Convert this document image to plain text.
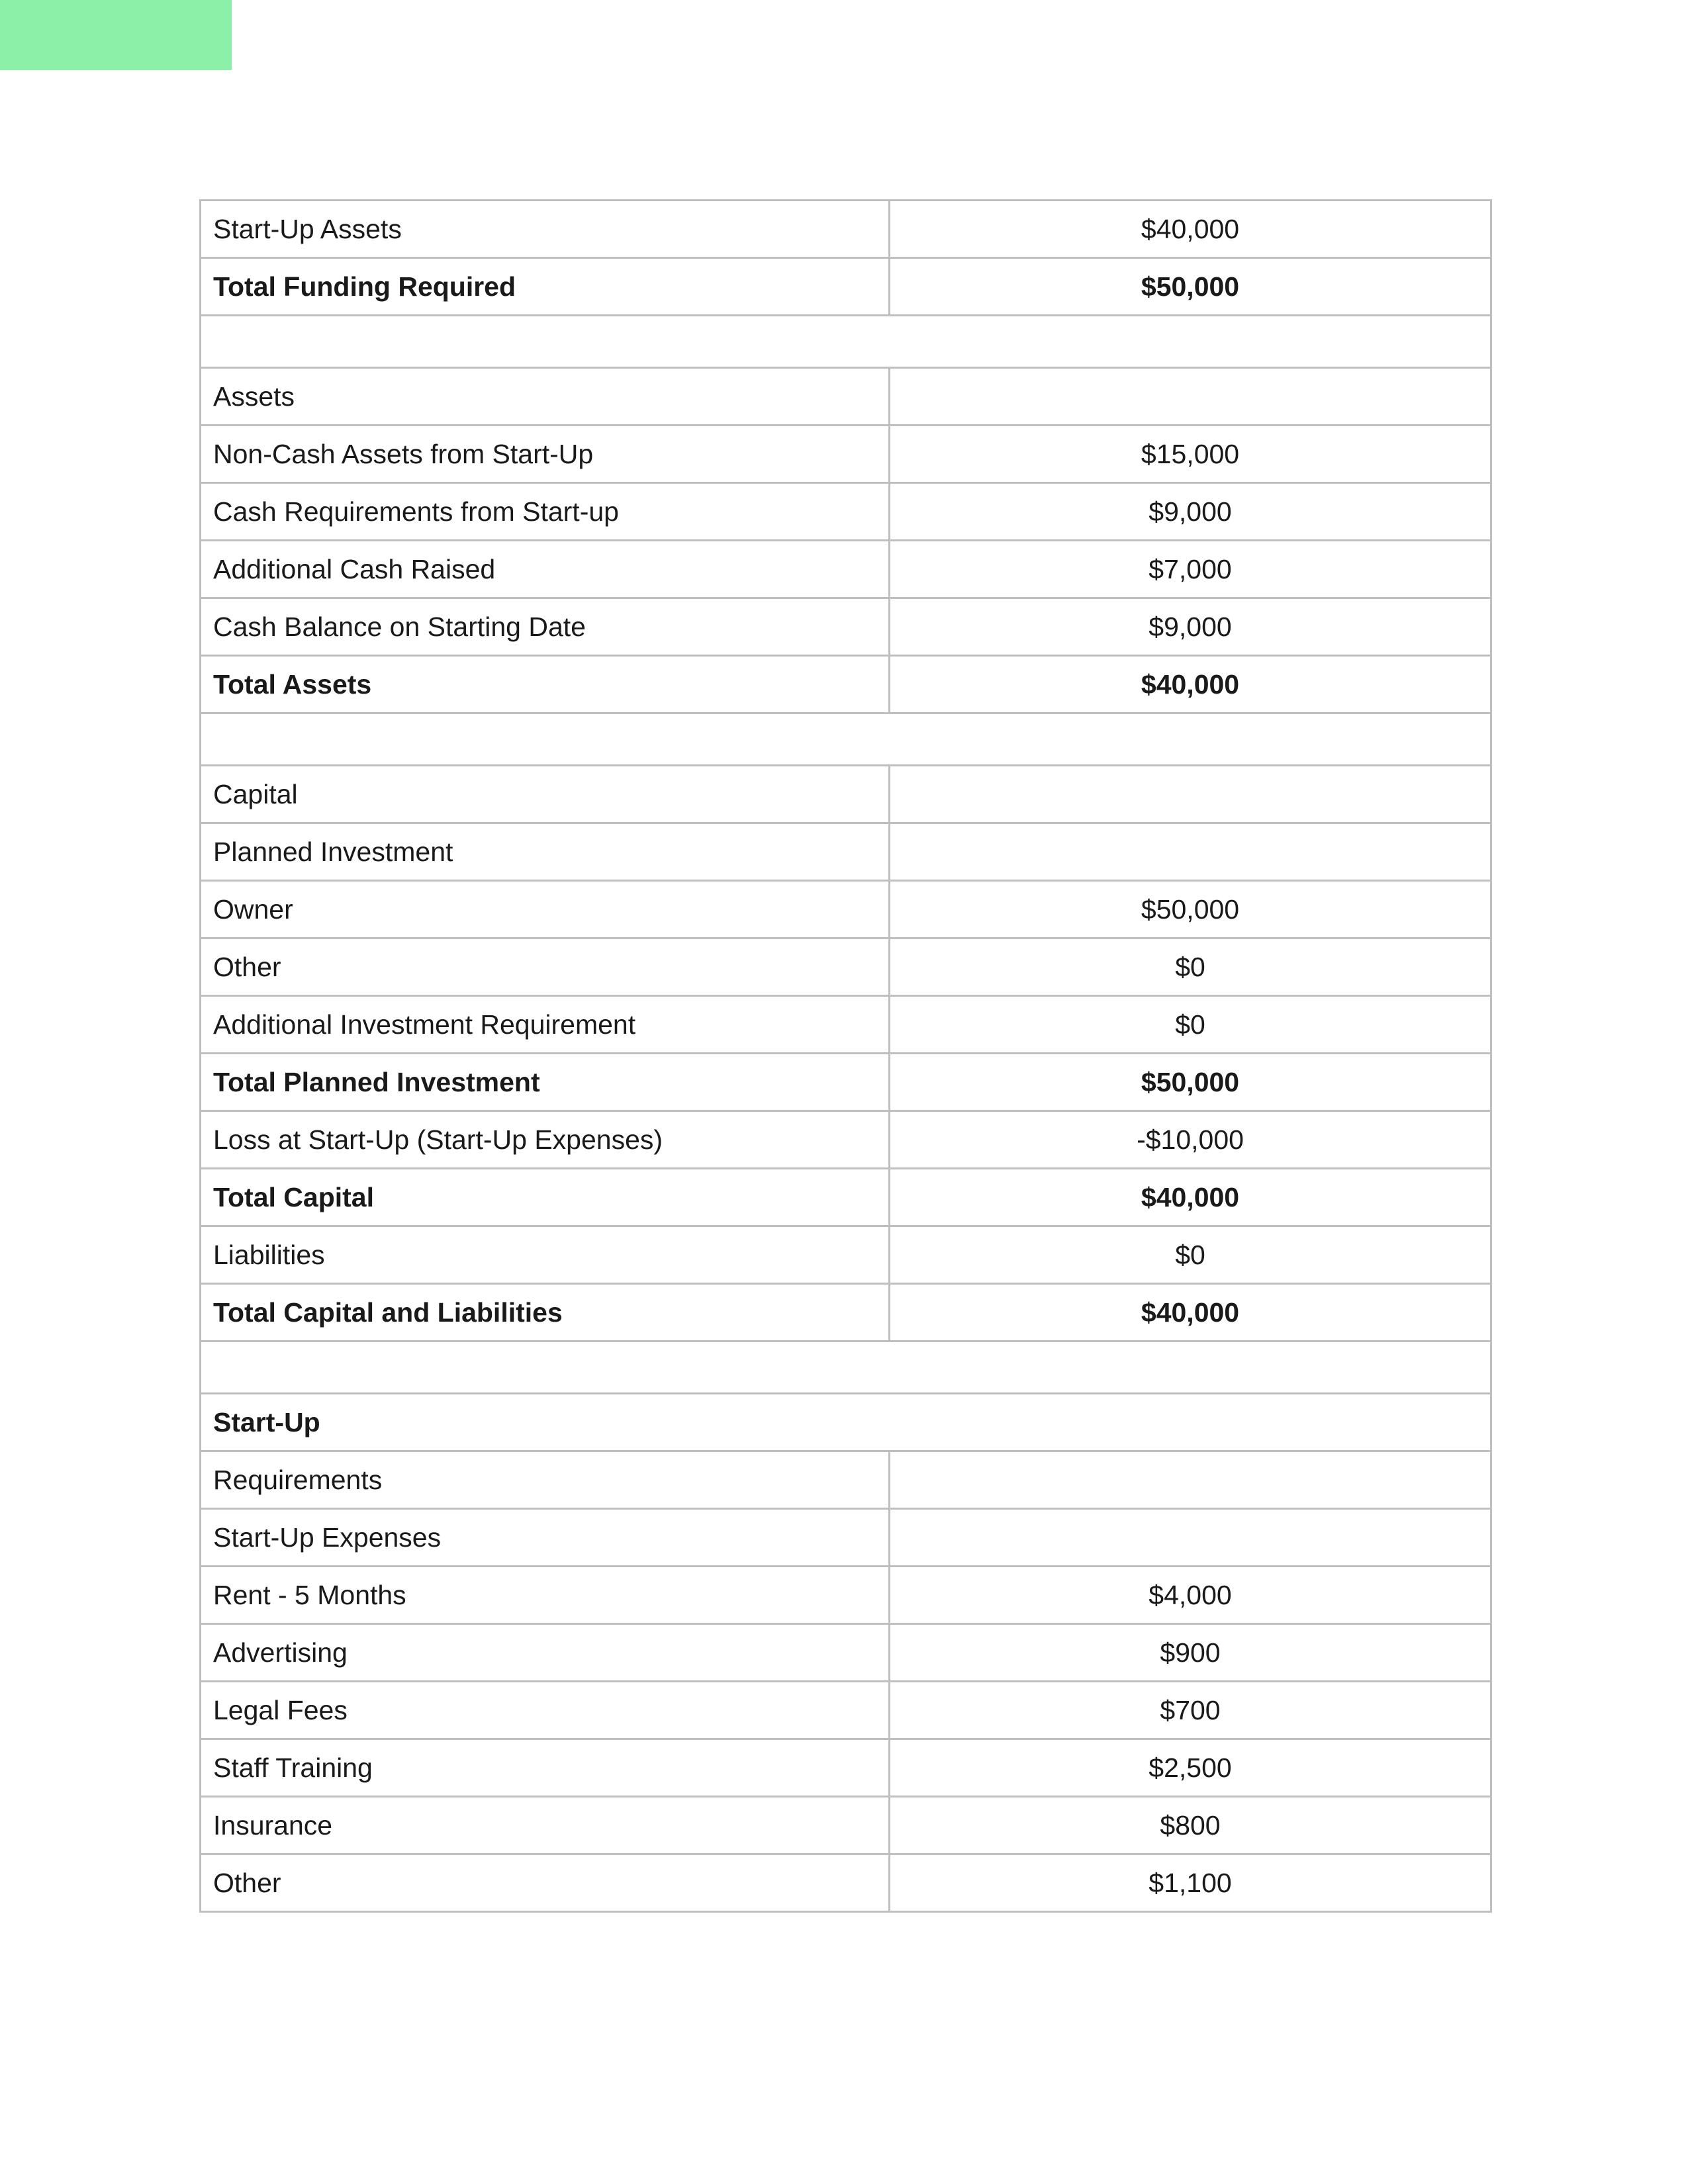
Start-Up Assets	$40,000
Total Funding Required	$50,000

Assets	
Non-Cash Assets from Start-Up	$15,000
Cash Requirements from Start-up	$9,000
Additional Cash Raised	$7,000
Cash Balance on Starting Date	$9,000
Total Assets	$40,000

Capital	
Planned Investment	
Owner	$50,000
Other	$0
Additional Investment Requirement	$0
Total Planned Investment	$50,000
Loss at Start-Up (Start-Up Expenses)	-$10,000
Total Capital	$40,000
Liabilities	$0
Total Capital and Liabilities	$40,000

Start-Up	
Requirements	
Start-Up Expenses	
Rent - 5 Months	$4,000
Advertising	$900
Legal Fees	$700
Staff Training	$2,500
Insurance	$800
Other	$1,100
